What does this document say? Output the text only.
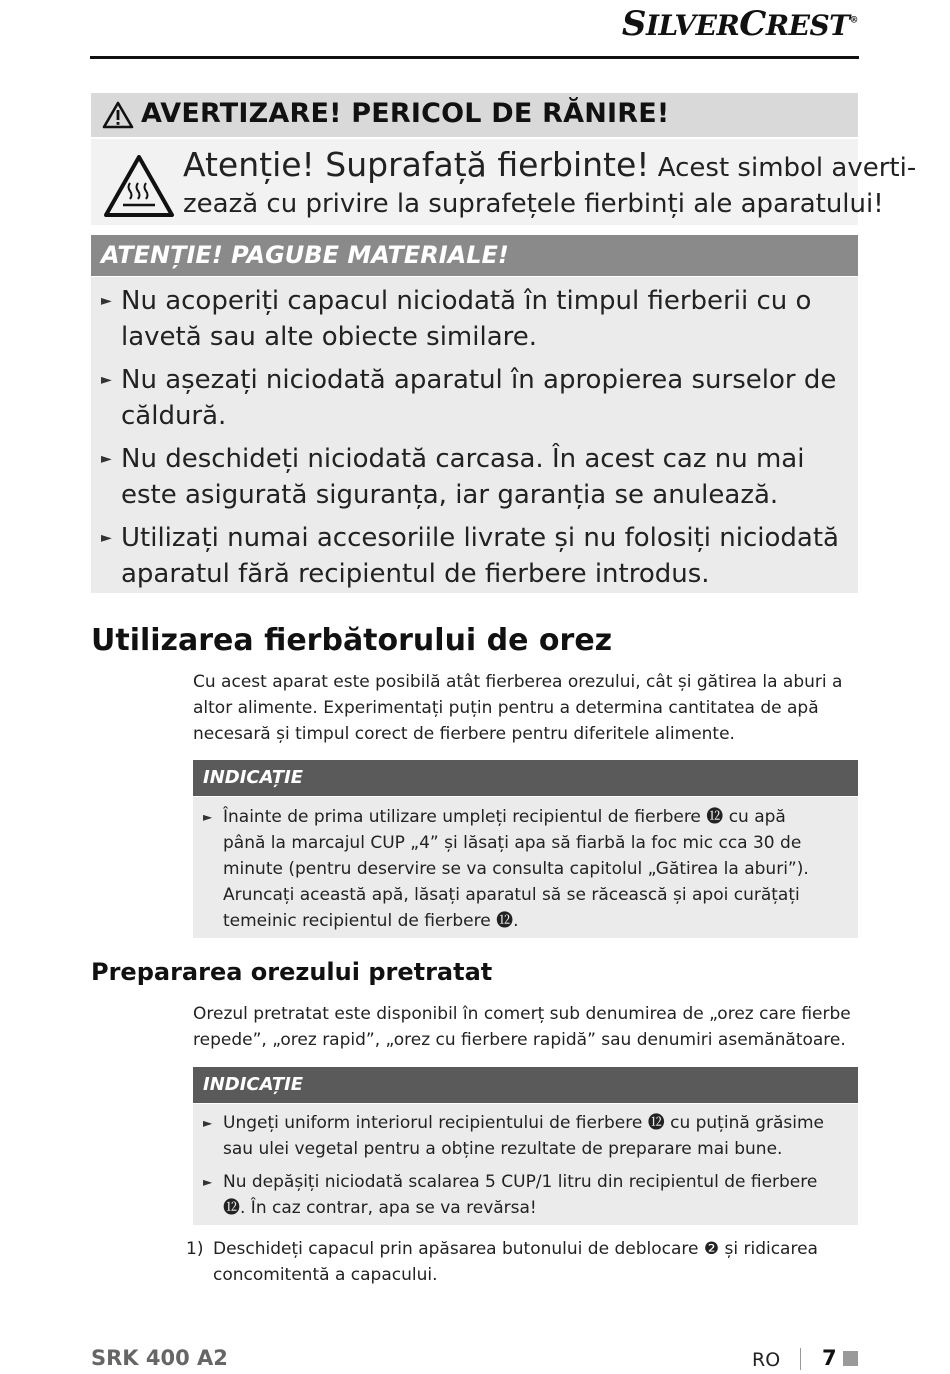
SILVERCREST®
AVERTIZARE! PERICOL DE RĂNIRE!
Atenție! Suprafață fierbinte! Acest simbol averti-
zează cu privire la suprafețele fierbinți ale aparatului!
ATENȚIE! PAGUBE MATERIALE!
► Nu acoperiți capacul niciodată în timpul fierberii cu o lavetă sau alte obiecte similare.
► Nu așezați niciodată aparatul în apropierea surselor de căldură.
► Nu deschideți niciodată carcasa. În acest caz nu mai este asigurată siguranța, iar garanția se anulează.
► Utilizați numai accesoriile livrate și nu folosiți niciodată aparatul fără recipientul de fierbere introdus.
Utilizarea fierbătorului de orez
Cu acest aparat este posibilă atât fierberea orezului, cât și gătirea la aburi a altor alimente. Experimentați puțin pentru a determina cantitatea de apă necesară și timpul corect de fierbere pentru diferitele alimente.
INDICAȚIE
► Înainte de prima utilizare umpleți recipientul de fierbere ⓬ cu apă până la marcajul CUP „4” și lăsați apa să fiarbă la foc mic cca 30 de minute (pentru deservire se va consulta capitolul „Gătirea la aburi”). Aruncați această apă, lăsați aparatul să se răcească și apoi curățați temeinic recipientul de fierbere ⓬.
Prepararea orezului pretratat
Orezul pretratat este disponibil în comerț sub denumirea de „orez care fierbe repede”, „orez rapid”, „orez cu fierbere rapidă” sau denumiri asemănătoare.
INDICAȚIE
► Ungeți uniform interiorul recipientului de fierbere ⓬ cu puțină grăsime sau ulei vegetal pentru a obține rezultate de preparare mai bune.
► Nu depășiți niciodată scalarea 5 CUP/1 litru din recipientul de fierbere ⓬. În caz contrar, apa se va revărsa!
1) Deschideți capacul prin apăsarea butonului de deblocare ❷ și ridicarea concomitentă a capacului.
SRK 400 A2	RO 7
